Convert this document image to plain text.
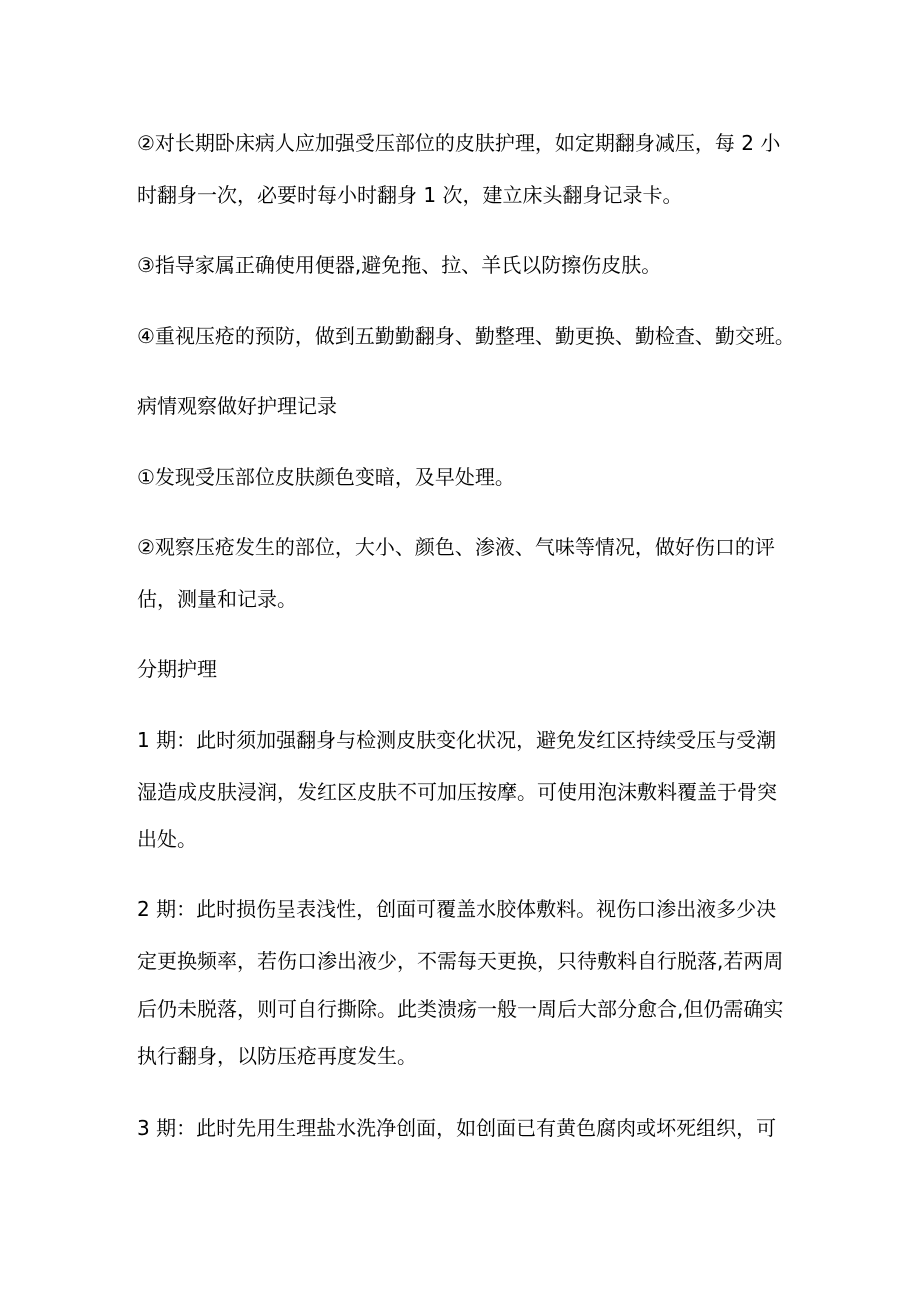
②对长期卧床病人应加强受压部位的皮肤护理，如定期翻身减压，每 2 小

时翻身一次，必要时每小时翻身 1 次，建立床头翻身记录卡。

③指导家属正确使用便器,避免拖、拉、羊氏以防擦伤皮肤。

④重视压疮的预防，做到五勤勤翻身、勤整理、勤更换、勤检查、勤交班。

病情观察做好护理记录

①发现受压部位皮肤颜色变暗，及早处理。

②观察压疮发生的部位，大小、颜色、渗液、气味等情况，做好伤口的评

估，测量和记录。

分期护理

1 期：此时须加强翻身与检测皮肤变化状况，避免发红区持续受压与受潮

湿造成皮肤浸润，发红区皮肤不可加压按摩。可使用泡沫敷料覆盖于骨突

出处。

2 期：此时损伤呈表浅性，创面可覆盖水胶体敷料。视伤口渗出液多少决

定更换频率，若伤口渗出液少，不需每天更换，只待敷料自行脱落,若两周

后仍未脱落，则可自行撕除。此类溃疡一般一周后大部分愈合,但仍需确实

执行翻身，以防压疮再度发生。

3 期：此时先用生理盐水洗净创面，如创面已有黄色腐肉或坏死组织，可
